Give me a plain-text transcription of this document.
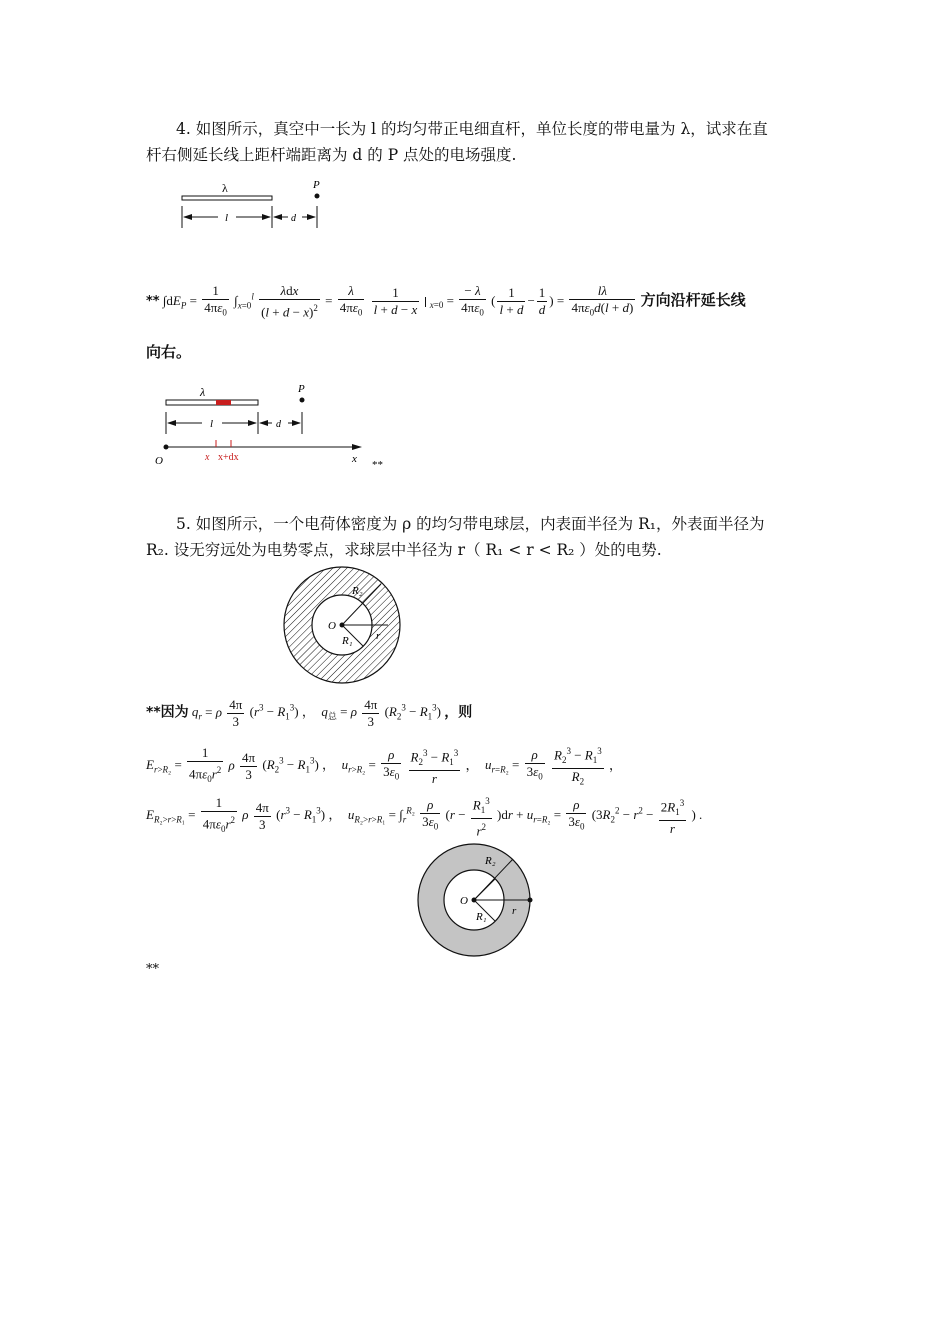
4. 如图所示，真空中一长为 l 的均匀带正电细直杆，单位长度的带电量为 λ，试求在直
杆右侧延长线上距杆端距离为 d 的 P 点处的电场强度.
λ	P
l	d
** $\int dE_P = \frac{1}{4\pi\varepsilon_0} \int_{x=0}^l \frac{\text{λdx}}{(l + d - x)^2} = \frac{\lambda}{4\pi\varepsilon_0}$
$\frac{1}{l + d - x} _{x=0} = \frac{- \lambda}{4\pi\varepsilon_0}$ ( $\frac{1}{l + d} - \frac{1}{d}$ ) = $\frac{l\lambda}{4\pi\varepsilon_0d(l + d)}$ 方向沿杆延长线
向右。
λ	P
l	d
O	x x+dx	x **
5. 如图所示，一个电荷体密度为 ρ 的均匀带电球层，内表面半径为 R₁，外表面半径为
R₂. 设无穷远处为电势零点，求球层中半径为 r（ R₁ < r < R₂ ）处的电势.
R₂
O
R₁ r
**因为 $q_r = \rho \frac{4\pi}{3} (r^3 - R_1^3)$ ，  $q_总 = \rho \frac{4\pi}{3} (R_2^3 - R_1^3)$ ，则
$E_{r>R_2} = \frac{1}{4\pi\varepsilon_0r^2}$ ρ $\frac{4\pi}{3} (R_2^3 - R_1^3)$ ，  $u_{r>R_2} = \frac{\rho}{3\varepsilon_0}$
$\frac{R_2^3 - R_1^3}{r}$ ，  $u_{r=R_2} = \frac{\rho}{3\varepsilon_0}$
$\frac{R_2^3 - R_1^3}{R_2}$ ，
$E_{R_2>r>R_1} = \frac{1}{4\pi\varepsilon_0r^2}$ ρ $\frac{4\pi}{3} (r^3 - R_1^3)$ ，  $u_{R_2>r>R_1} = \int_r^{R_2} \frac{\rho}{3\varepsilon_0} (r - \frac{R_1^3}{r^2} )dr + u_{r=R_2} = \frac{\rho}{3\varepsilon_0} (3R_2^2 - r^2 - \frac{2R_1^3}{r}$ ) .
R₂
O
R₁ r
**
